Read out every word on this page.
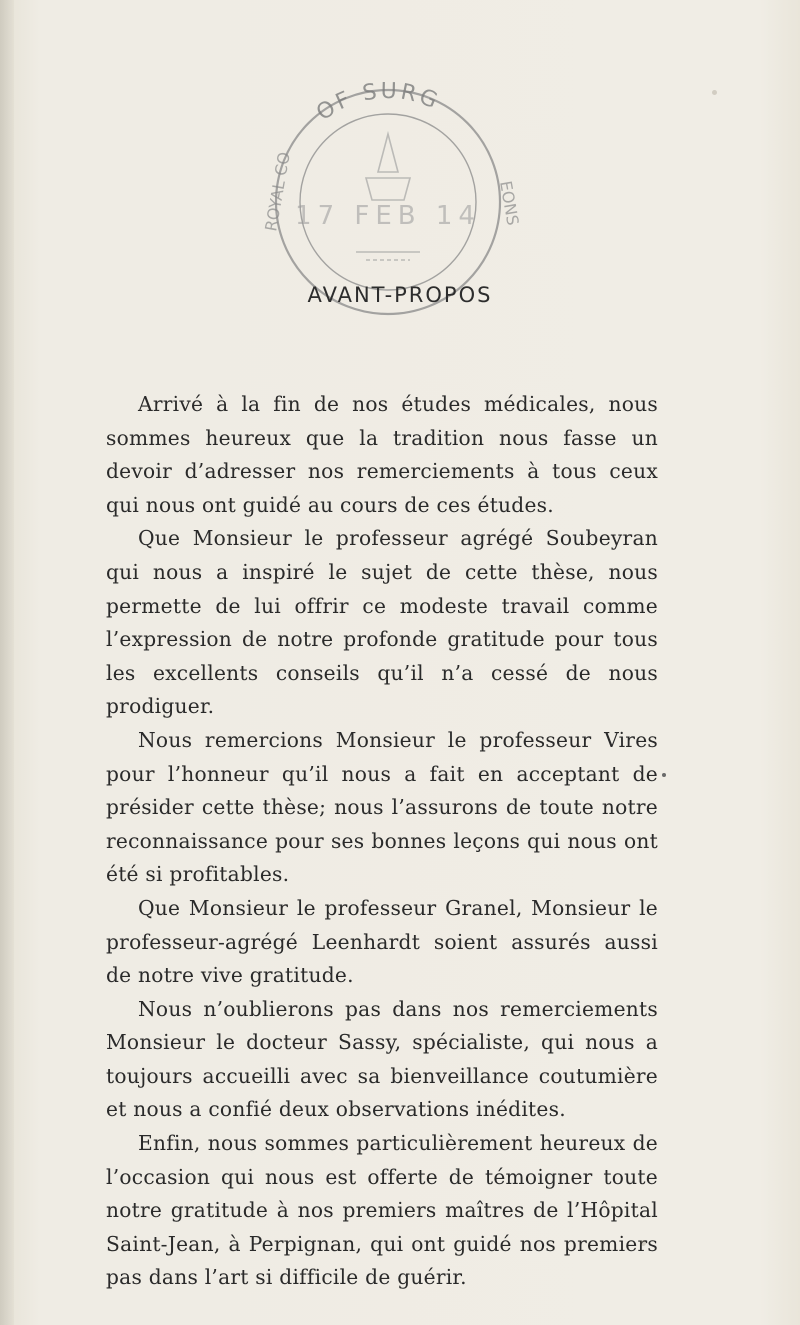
OF SURG
ROYAL CO	EONS
17 FEB 14
AVANT-PROPOS

Arrivé à la fin de nos études médicales, nous sommes heureux que la tradition nous fasse un devoir d’adresser nos remerciements à tous ceux qui nous ont guidé au cours de ces études.

Que Monsieur le professeur agrégé Soubeyran qui nous a inspiré le sujet de cette thèse, nous permette de lui offrir ce modeste travail comme l’expression de notre profonde gratitude pour tous les excellents conseils qu’il n’a cessé de nous prodiguer.

Nous remercions Monsieur le professeur Vires pour l’honneur qu’il nous a fait en acceptant de présider cette thèse; nous l’assurons de toute notre reconnaissance pour ses bonnes leçons qui nous ont été si profitables.

Que Monsieur le professeur Granel, Monsieur le professeur-agrégé Leenhardt soient assurés aussi de notre vive gratitude.

Nous n’oublierons pas dans nos remerciements Monsieur le docteur Sassy, spécialiste, qui nous a toujours accueilli avec sa bienveillance coutumière et nous a confié deux observations inédites.

Enfin, nous sommes particulièrement heureux de l’occasion qui nous est offerte de témoigner toute notre gratitude à nos premiers maîtres de l’Hôpital Saint-Jean, à Perpignan, qui ont guidé nos premiers pas dans l’art si difficile de guérir.
